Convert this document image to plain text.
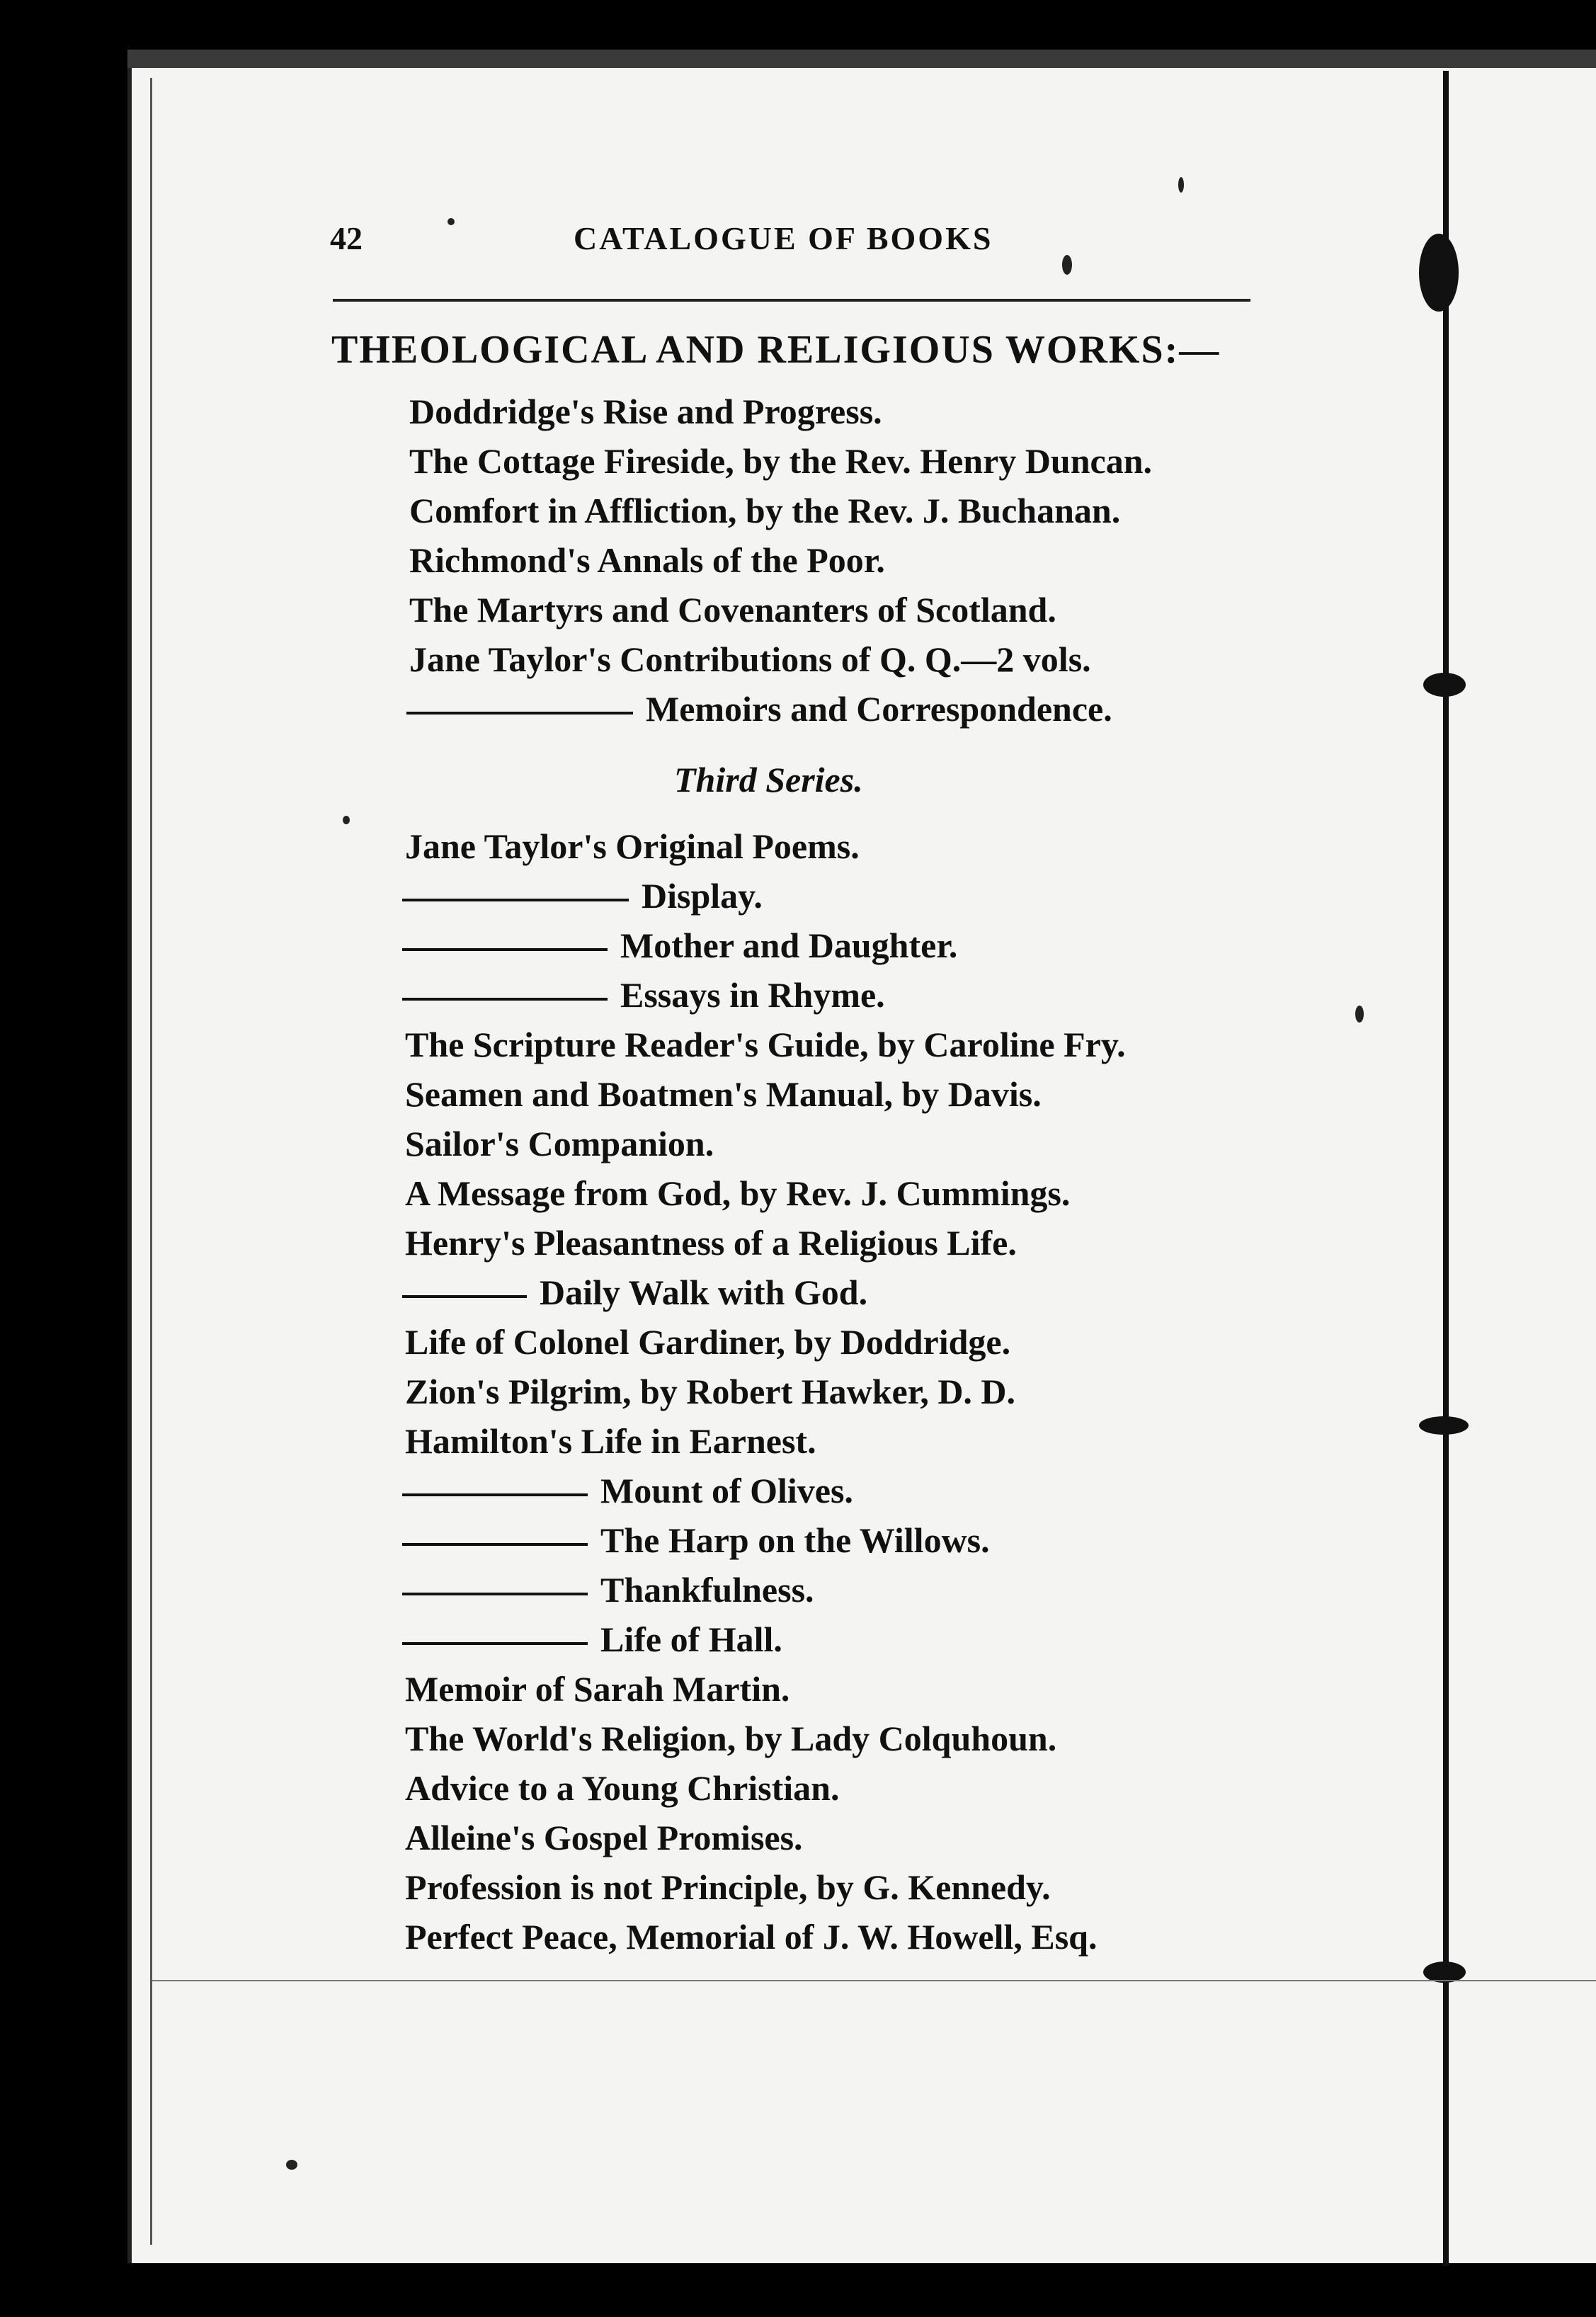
42	CATALOGUE OF BOOKS
THEOLOGICAL AND RELIGIOUS WORKS:—
Doddridge's Rise and Progress.
The Cottage Fireside, by the Rev. Henry Duncan.
Comfort in Affliction, by the Rev. J. Buchanan.
Richmond's Annals of the Poor.
The Martyrs and Covenanters of Scotland.
Jane Taylor's Contributions of Q. Q.—2 vols.
Memoirs and Correspondence.
Third Series.
Jane Taylor's Original Poems.
Display.
Mother and Daughter.
Essays in Rhyme.
The Scripture Reader's Guide, by Caroline Fry.
Seamen and Boatmen's Manual, by Davis.
Sailor's Companion.
A Message from God, by Rev. J. Cummings.
Henry's Pleasantness of a Religious Life.
Daily Walk with God.
Life of Colonel Gardiner, by Doddridge.
Zion's Pilgrim, by Robert Hawker, D. D.
Hamilton's Life in Earnest.
Mount of Olives.
The Harp on the Willows.
Thankfulness.
Life of Hall.
Memoir of Sarah Martin.
The World's Religion, by Lady Colquhoun.
Advice to a Young Christian.
Alleine's Gospel Promises.
Profession is not Principle, by G. Kennedy.
Perfect Peace, Memorial of J. W. Howell, Esq.
